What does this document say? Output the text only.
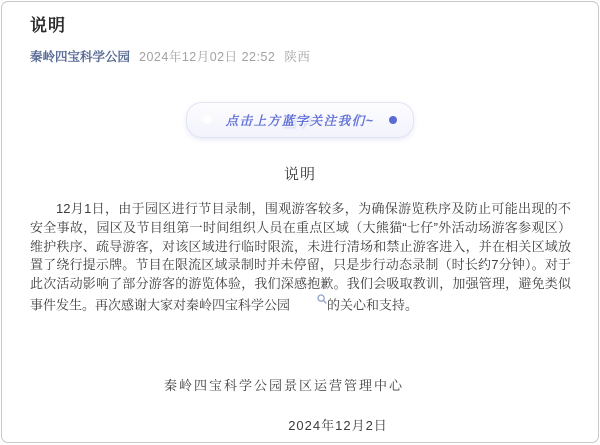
说明
秦岭四宝科学公园 2024年12月02日 22:52 陕西
点击上方蓝字关注我们~
说明

12月1日，由于园区进行节目录制，围观游客较多，为确保游览秩序及防止可能出现的不安全事故，园区及节目组第一时间组织人员在重点区域（大熊猫“七仔”外活动场游客参观区）维护秩序、疏导游客，对该区域进行临时限流，未进行清场和禁止游客进入，并在相关区域放置了绕行提示牌。节目在限流区域录制时并未停留，只是步行动态录制（时长约7分钟）。对于此次活动影响了部分游客的游览体验，我们深感抱歉。我们会吸取教训，加强管理，避免类似事件发生。再次感谢大家对秦岭四宝科学公园	的关心和支持。

秦岭四宝科学公园景区运营管理中心
2024年12月2日
